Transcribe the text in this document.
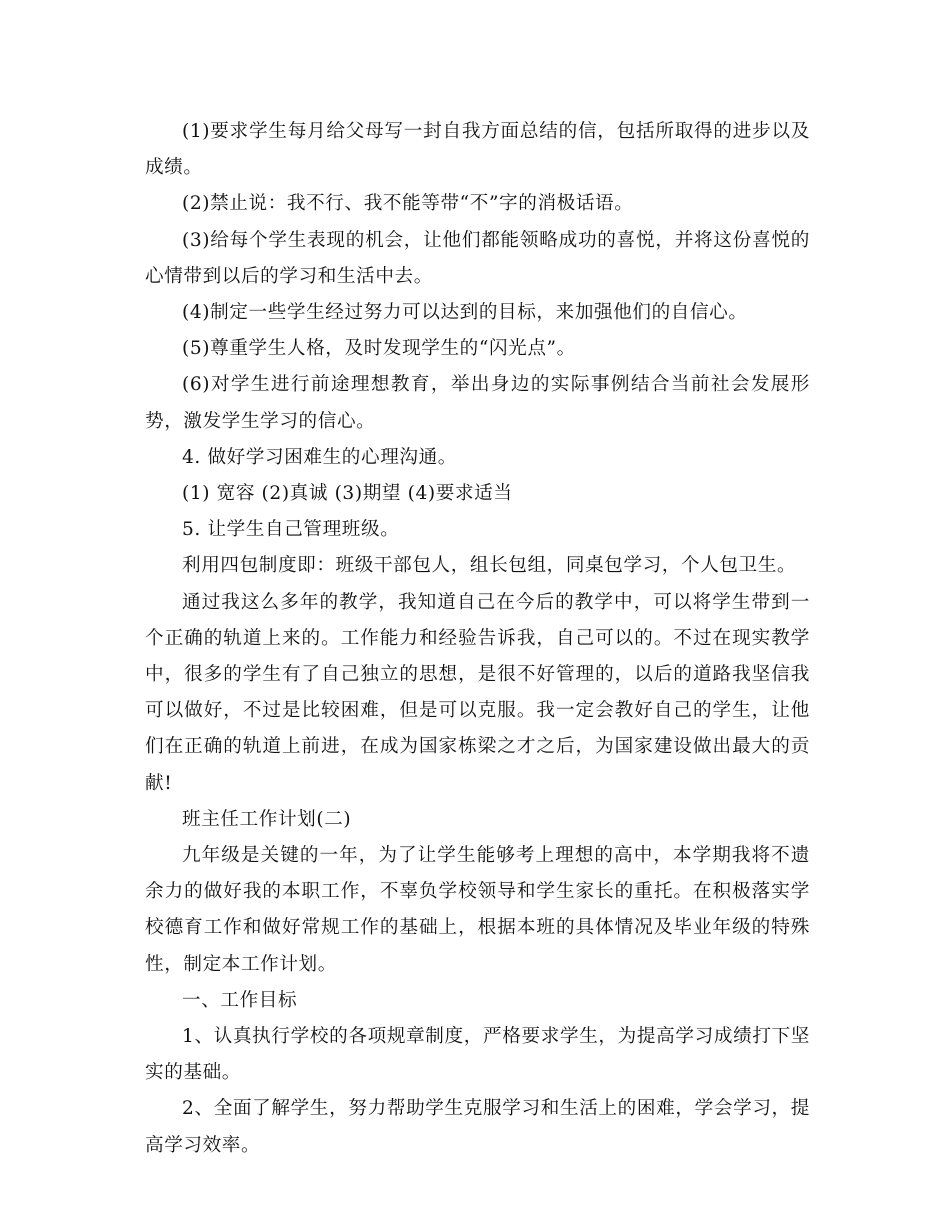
(1)要求学生每月给父母写一封自我方面总结的信，包括所取得的进步以及成绩。

(2)禁止说：我不行、我不能等带“不”字的消极话语。

(3)给每个学生表现的机会，让他们都能领略成功的喜悦，并将这份喜悦的心情带到以后的学习和生活中去。

(4)制定一些学生经过努力可以达到的目标，来加强他们的自信心。

(5)尊重学生人格，及时发现学生的“闪光点”。

(6)对学生进行前途理想教育，举出身边的实际事例结合当前社会发展形势，激发学生学习的信心。

4. 做好学习困难生的心理沟通。

(1) 宽容 (2)真诚 (3)期望 (4)要求适当

5. 让学生自己管理班级。

利用四包制度即：班级干部包人，组长包组，同桌包学习，个人包卫生。

通过我这么多年的教学，我知道自己在今后的教学中，可以将学生带到一个正确的轨道上来的。工作能力和经验告诉我，自己可以的。不过在现实教学中，很多的学生有了自己独立的思想，是很不好管理的，以后的道路我坚信我可以做好，不过是比较困难，但是可以克服。我一定会教好自己的学生，让他们在正确的轨道上前进，在成为国家栋梁之才之后，为国家建设做出最大的贡献!

班主任工作计划(二)

九年级是关键的一年，为了让学生能够考上理想的高中，本学期我将不遗余力的做好我的本职工作，不辜负学校领导和学生家长的重托。在积极落实学校德育工作和做好常规工作的基础上，根据本班的具体情况及毕业年级的特殊性，制定本工作计划。

一、工作目标

1、认真执行学校的各项规章制度，严格要求学生，为提高学习成绩打下坚实的基础。

2、全面了解学生，努力帮助学生克服学习和生活上的困难，学会学习，提高学习效率。
